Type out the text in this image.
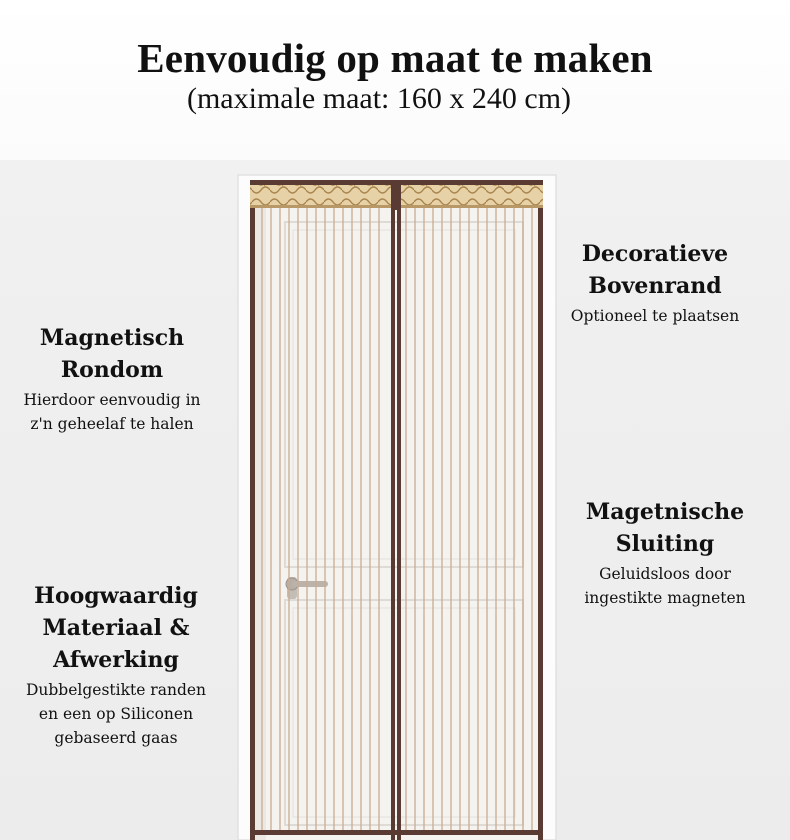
Eenvoudig op maat te maken
(maximale maat: 160 x 240 cm)
Magnetisch
Rondom
Hierdoor eenvoudig in
z'n geheelaf te halen
Hoogwaardig
Materiaal &
Afwerking
Dubbelgestikte randen
en een op Siliconen
gebaseerd gaas
Decoratieve
Bovenrand
Optioneel te plaatsen
Magetnische
Sluiting
Geluidsloos door
ingestikte magneten
